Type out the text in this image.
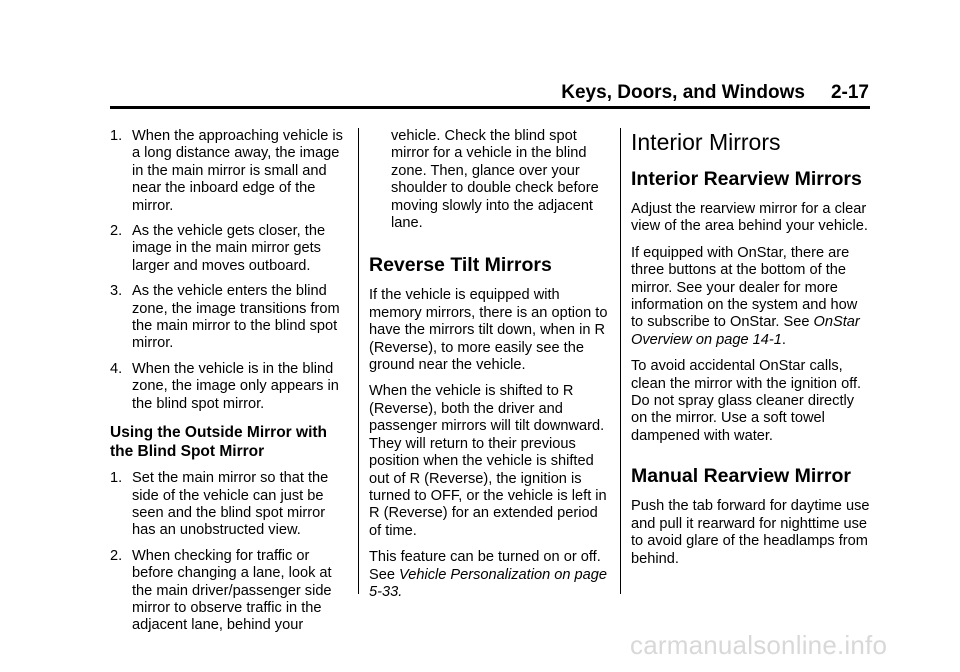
Keys, Doors, and Windows 2-17
1. When the approaching vehicle is a long distance away, the image in the main mirror is small and near the inboard edge of the mirror.
2. As the vehicle gets closer, the image in the main mirror gets larger and moves outboard.
3. As the vehicle enters the blind zone, the image transitions from the main mirror to the blind spot mirror.
4. When the vehicle is in the blind zone, the image only appears in the blind spot mirror.
Using the Outside Mirror with the Blind Spot Mirror
1. Set the main mirror so that the side of the vehicle can just be seen and the blind spot mirror has an unobstructed view.
2. When checking for traffic or before changing a lane, look at the main driver/passenger side mirror to observe traffic in the adjacent lane, behind your

vehicle. Check the blind spot mirror for a vehicle in the blind zone. Then, glance over your shoulder to double check before moving slowly into the adjacent lane.

Reverse Tilt Mirrors

If the vehicle is equipped with memory mirrors, there is an option to have the mirrors tilt down, when in R (Reverse), to more easily see the ground near the vehicle.

When the vehicle is shifted to R (Reverse), both the driver and passenger mirrors will tilt downward. They will return to their previous position when the vehicle is shifted out of R (Reverse), the ignition is turned to OFF, or the vehicle is left in R (Reverse) for an extended period of time.

This feature can be turned on or off. See Vehicle Personalization on page 5-33.

Interior Mirrors
Interior Rearview Mirrors

Adjust the rearview mirror for a clear view of the area behind your vehicle.

If equipped with OnStar, there are three buttons at the bottom of the mirror. See your dealer for more information on the system and how to subscribe to OnStar. See OnStar Overview on page 14-1.

To avoid accidental OnStar calls, clean the mirror with the ignition off. Do not spray glass cleaner directly on the mirror. Use a soft towel dampened with water.

Manual Rearview Mirror

Push the tab forward for daytime use and pull it rearward for nighttime use to avoid glare of the headlamps from behind.

carmanualsonline.info
